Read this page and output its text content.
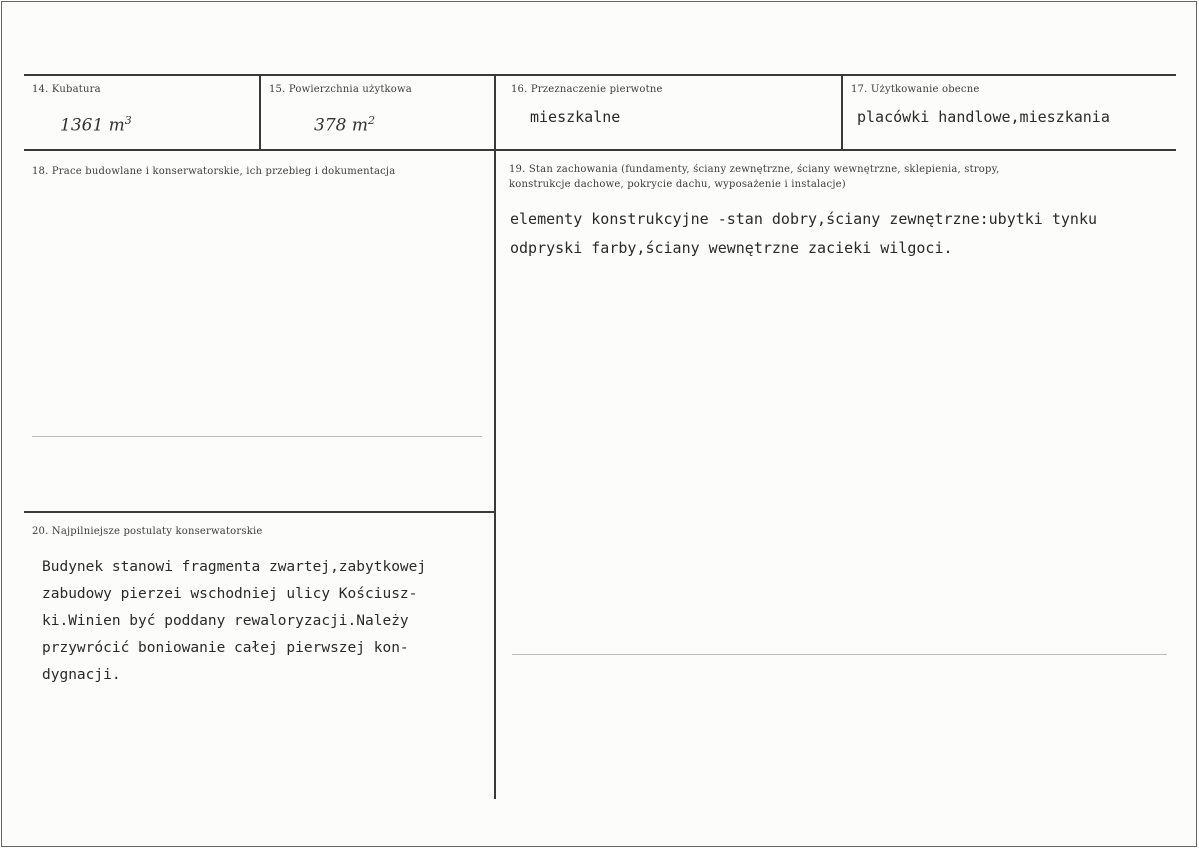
14. Kubatura
1361 $m^3$
15. Powierzchnia użytkowa
378 $m^2$
16. Przeznaczenie pierwotne
mieszkalne
17. Użytkowanie obecne
placówki handlowe,mieszkania
18. Prace budowlane i konserwatorskie, ich przebieg i dokumentacja	19. Stan zachowania (fundamenty, ściany zewnętrzne, ściany wewnętrzne, sklepienia, stropy,
konstrukcje dachowe, pokrycie dachu, wyposażenie i instalacje)
elementy konstrukcyjne -stan dobry,ściany zewnętrzne:ubytki tynku
odpryski farby,ściany wewnętrzne zacieki wilgoci.
20. Najpilniejsze postulaty konserwatorskie
Budynek stanowi fragmenta zwartej,zabytkowej
zabudowy pierzei wschodniej ulicy Kościusz-
ki.Winien być poddany rewaloryzacji.Należy
przywrócić boniowanie całej pierwszej kon-
dygnacji.
